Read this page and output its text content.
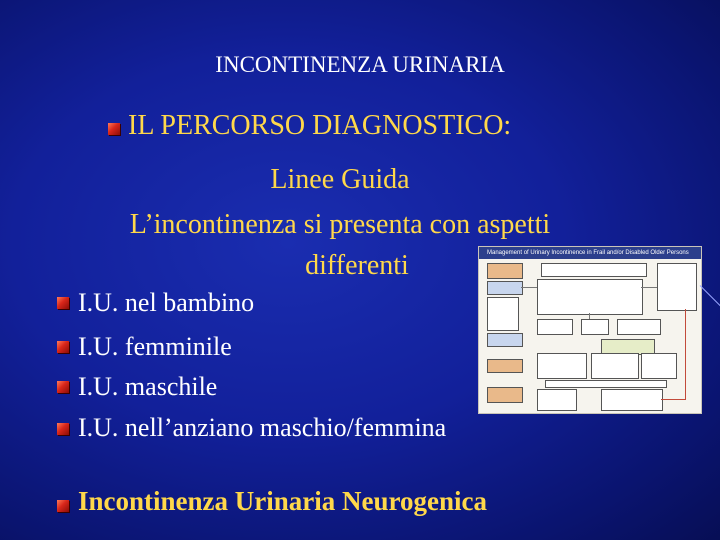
INCONTINENZA URINARIA
IL PERCORSO DIAGNOSTICO:
Linee Guida
L’incontinenza si presenta con aspetti
differenti
I.U. nel bambino
I.U. femminile
I.U. maschile
I.U. nell’anziano maschio/femmina
Incontinenza Urinaria Neurogenica
Management of Urinary Incontinence in Frail and/or Disabled Older Persons
